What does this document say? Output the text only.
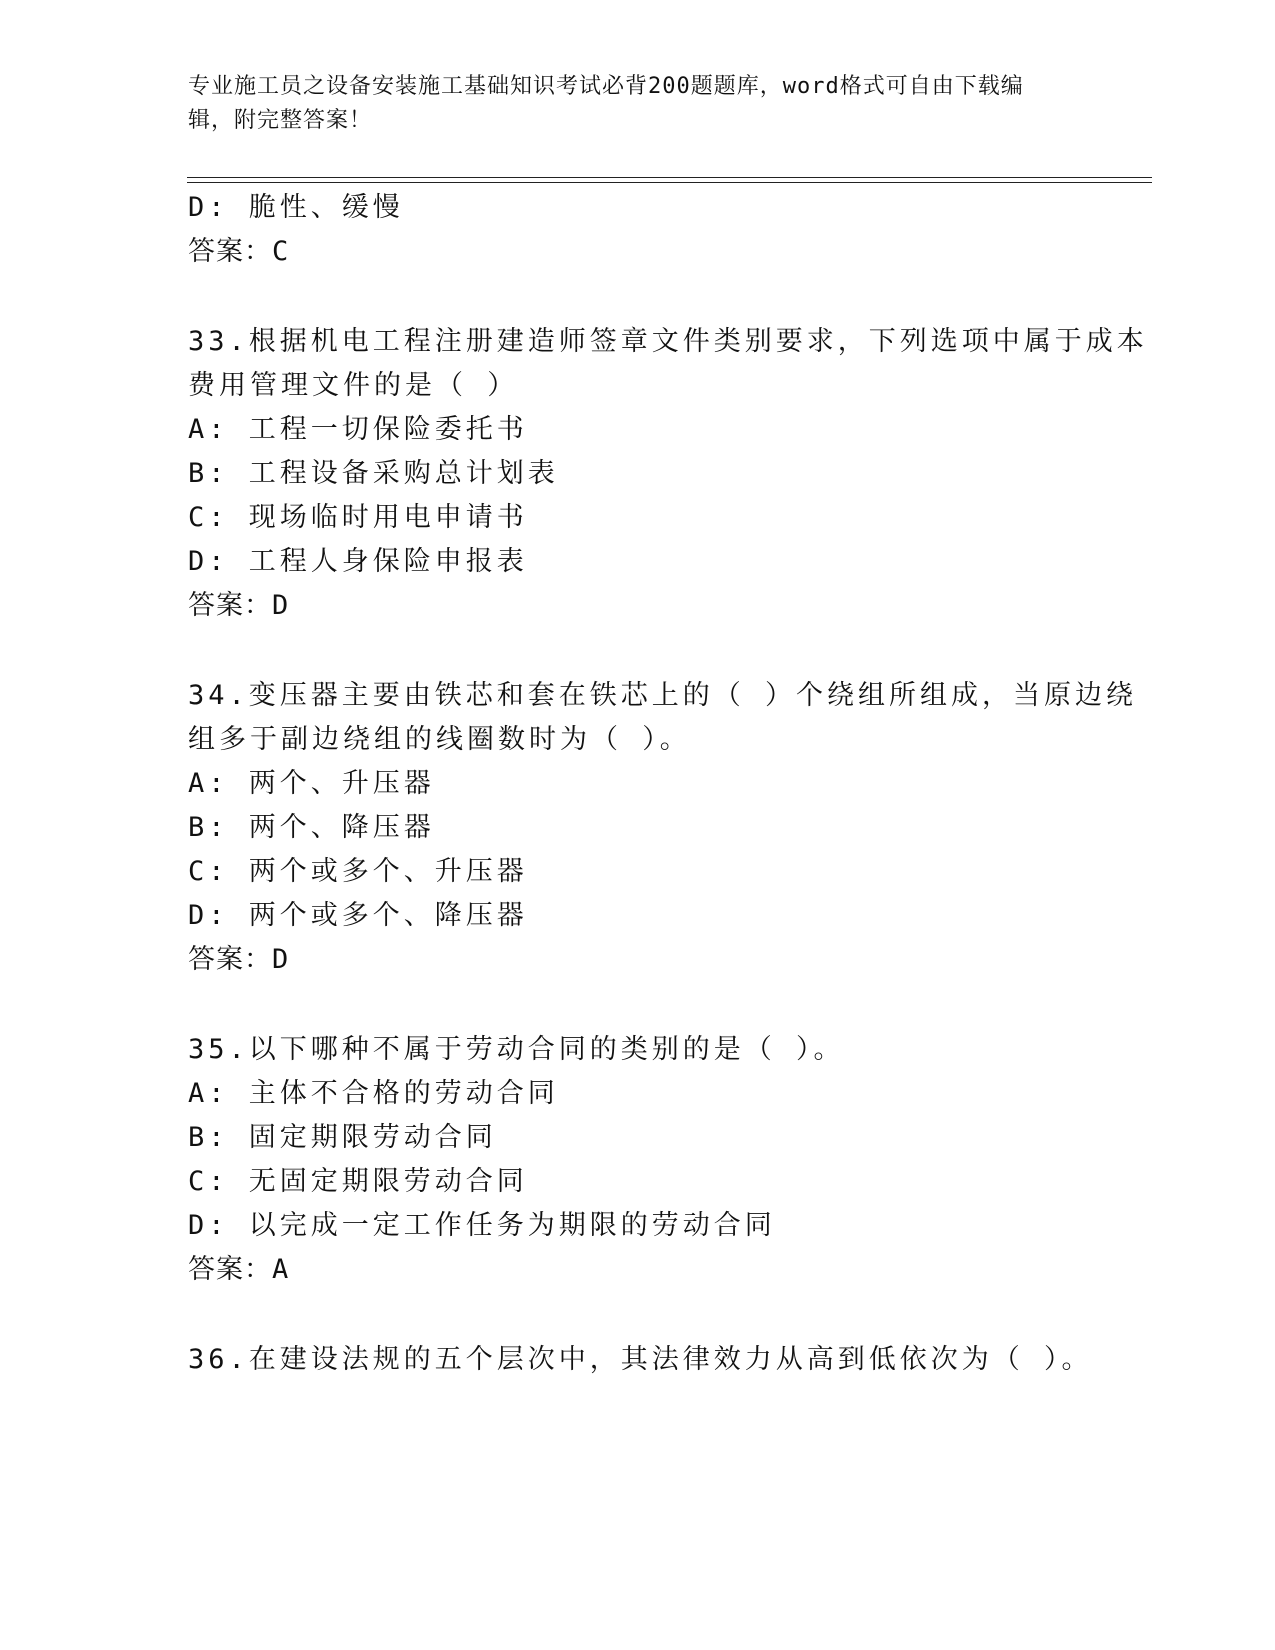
专业施工员之设备安装施工基础知识考试必背200题题库，word格式可自由下载编辑，附完整答案！
D: 脆性、缓慢
答案：C
33.根据机电工程注册建造师签章文件类别要求，下列选项中属于成本
费用管理文件的是（ ）
A: 工程一切保险委托书
B: 工程设备采购总计划表
C: 现场临时用电申请书
D: 工程人身保险申报表
答案：D
34.变压器主要由铁芯和套在铁芯上的（ ）个绕组所组成，当原边绕
组多于副边绕组的线圈数时为（ ）。
A: 两个、升压器
B: 两个、降压器
C: 两个或多个、升压器
D: 两个或多个、降压器
答案：D
35.以下哪种不属于劳动合同的类别的是（ ）。
A: 主体不合格的劳动合同
B: 固定期限劳动合同
C: 无固定期限劳动合同
D: 以完成一定工作任务为期限的劳动合同
答案：A
36.在建设法规的五个层次中，其法律效力从高到低依次为（ ）。
